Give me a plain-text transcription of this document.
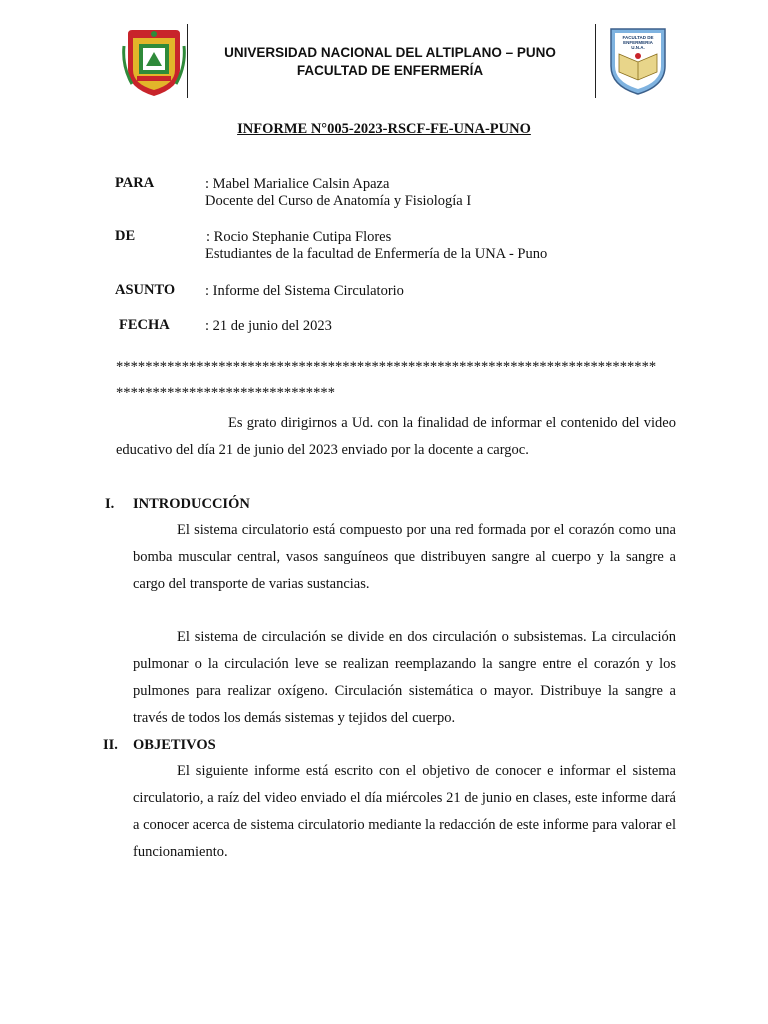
UNIVERSIDAD NACIONAL DEL ALTIPLANO – PUNO
FACULTAD DE ENFERMERÍA
FACULTAD DE
ENFERMERIA
U.N.A.
INFORME N°005-2023-RSCF-FE-UNA-PUNO
PARA	: Mabel Marialice Calsin Apaza
Docente del Curso de Anatomía y Fisiología I
DE	: Rocio Stephanie Cutipa Flores
Estudiantes de la facultad de Enfermería de la UNA - Puno
ASUNTO : Informe del Sistema Circulatorio
FECHA : 21 de junio del 2023
**************************************************************************
******************************
Es grato dirigirnos a Ud. con la finalidad de informar el contenido del video educativo del día 21 de junio del 2023 enviado por la docente a cargoc.
I. INTRODUCCIÓN
El sistema circulatorio está compuesto por una red formada por el corazón como una bomba muscular central, vasos sanguíneos que distribuyen sangre al cuerpo y la sangre a cargo del transporte de varias sustancias.
El sistema de circulación se divide en dos circulación o subsistemas. La circulación pulmonar o la circulación leve se realizan reemplazando la sangre entre el corazón y los pulmones para realizar oxígeno. Circulación sistemática o mayor. Distribuye la sangre a través de todos los demás sistemas y tejidos del cuerpo.
II. OBJETIVOS
El siguiente informe está escrito con el objetivo de conocer e informar el sistema circulatorio, a raíz del video enviado el día miércoles 21 de junio en clases, este informe dará a conocer acerca de sistema circulatorio mediante la redacción de este informe para valorar el funcionamiento.
